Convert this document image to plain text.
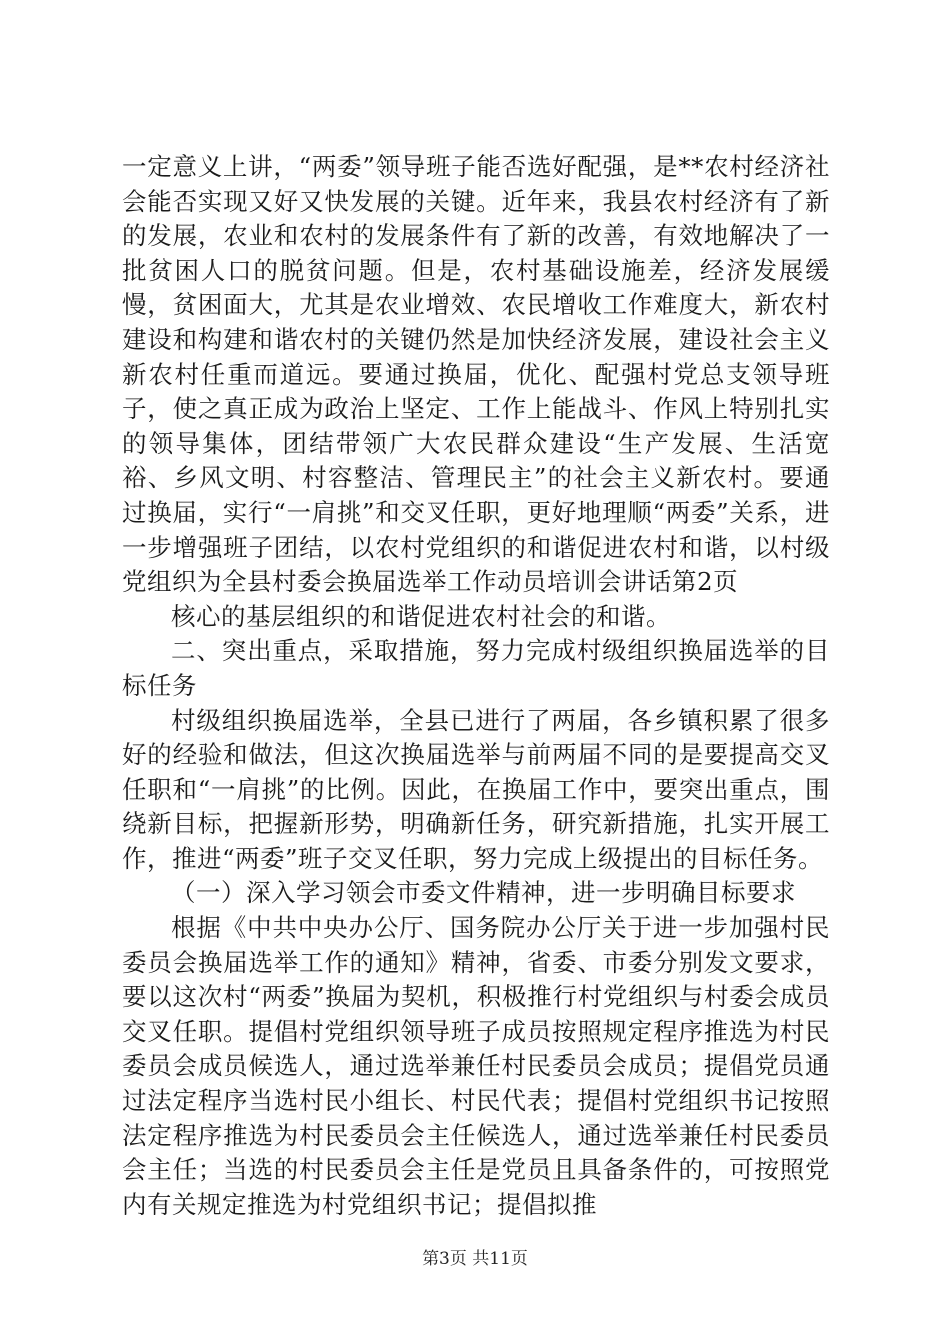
一定意义上讲，“两委”领导班子能否选好配强，是**农村经济社会能否实现又好又快发展的关键。近年来，我县农村经济有了新的发展，农业和农村的发展条件有了新的改善，有效地解决了一批贫困人口的脱贫问题。但是，农村基础设施差，经济发展缓慢，贫困面大，尤其是农业增效、农民增收工作难度大，新农村建设和构建和谐农村的关键仍然是加快经济发展，建设社会主义新农村任重而道远。要通过换届，优化、配强村党总支领导班子，使之真正成为政治上坚定、工作上能战斗、作风上特别扎实的领导集体，团结带领广大农民群众建设“生产发展、生活宽裕、乡风文明、村容整洁、管理民主”的社会主义新农村。要通过换届，实行“一肩挑”和交叉任职，更好地理顺“两委”关系，进一步增强班子团结，以农村党组织的和谐促进农村和谐，以村级党组织为全县村委会换届选举工作动员培训会讲话第2页

核心的基层组织的和谐促进农村社会的和谐。

二、突出重点，采取措施，努力完成村级组织换届选举的目标任务

村级组织换届选举，全县已进行了两届，各乡镇积累了很多好的经验和做法，但这次换届选举与前两届不同的是要提高交叉任职和“一肩挑”的比例。因此，在换届工作中，要突出重点，围绕新目标，把握新形势，明确新任务，研究新措施，扎实开展工作，推进“两委”班子交叉任职，努力完成上级提出的目标任务。

（一）深入学习领会市委文件精神，进一步明确目标要求

根据《中共中央办公厅、国务院办公厅关于进一步加强村民委员会换届选举工作的通知》精神，省委、市委分别发文要求，要以这次村“两委”换届为契机，积极推行村党组织与村委会成员交叉任职。提倡村党组织领导班子成员按照规定程序推选为村民委员会成员候选人，通过选举兼任村民委员会成员；提倡党员通过法定程序当选村民小组长、村民代表；提倡村党组织书记按照法定程序推选为村民委员会主任候选人，通过选举兼任村民委员会主任；当选的村民委员会主任是党员且具备条件的，可按照党内有关规定推选为村党组织书记；提倡拟推

第3页 共11页
